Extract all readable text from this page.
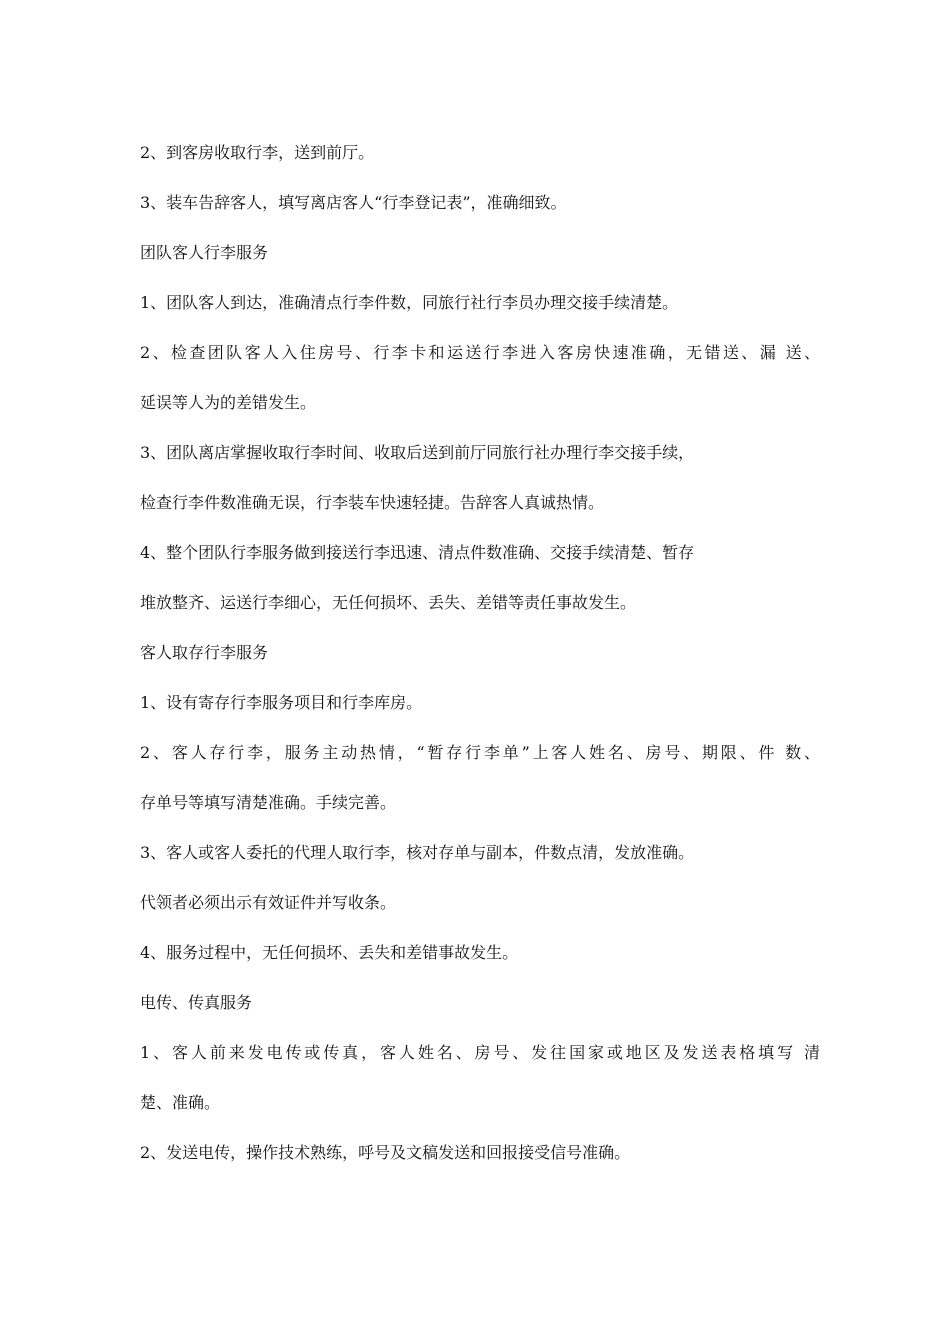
2、到客房收取行李，送到前厅。

3、装车告辞客人，填写离店客人“行李登记表”，准确细致。

团队客人行李服务

1、团队客人到达，准确清点行李件数，同旅行社行李员办理交接手续清楚。

2、检查团队客人入住房号、行李卡和运送行李进入客房快速准确，无错送、漏 送、

延误等人为的差错发生。

3、团队离店掌握收取行李时间、收取后送到前厅同旅行社办理行李交接手续，

检查行李件数准确无误，行李装车快速轻捷。告辞客人真诚热情。

4、整个团队行李服务做到接送行李迅速、清点件数准确、交接手续清楚、暂存

堆放整齐、运送行李细心，无任何损坏、丢失、差错等责任事故发生。

客人取存行李服务

1、设有寄存行李服务项目和行李库房。

2、客人存行李，服务主动热情，“暂存行李单”上客人姓名、房号、期限、件 数、

存单号等填写清楚准确。手续完善。

3、客人或客人委托的代理人取行李，核对存单与副本，件数点清，发放准确。

代领者必须出示有效证件并写收条。

4、服务过程中，无任何损坏、丢失和差错事故发生。

电传、传真服务

1、客人前来发电传或传真，客人姓名、房号、发往国家或地区及发送表格填写 清

楚、准确。

2、发送电传，操作技术熟练，呼号及文稿发送和回报接受信号准确。
